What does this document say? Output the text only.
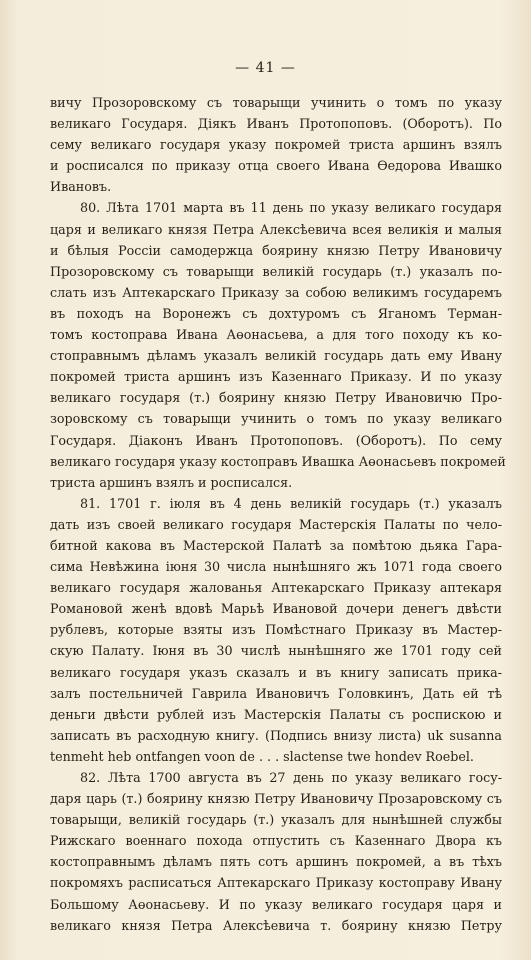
— 41 —
вичу Прозоровскому съ товарыщи учинить о томъ по указу
великаго Государя. Діякъ Иванъ Протопоповъ. (Оборотъ). По
сему великаго государя указу покромей триста аршинъ взялъ
и росписался по приказу отца своего Ивана Өедорова Ивашко
Ивановъ.
80. Лѣта 1701 марта въ 11 день по указу великаго государя
царя и великаго князя Петра Алексѣевича всея великія и малыя
и бѣлыя Россіи самодержца боярину князю Петру Ивановичу
Прозоровскому съ товарыщи великій государь (т.) указалъ по-
слать изъ Аптекарскаго Приказу за собою великимъ государемъ
въ походъ на Воронежъ съ дохтуромъ съ Яганомъ Терман-
томъ костоправа Ивана Аөонасьева, а для того походу къ ко-
стоправнымъ дѣламъ указалъ великій государь дать ему Ивану
покромей триста аршинъ изъ Казеннаго Приказу. И по указу
великаго государя (т.) боярину князю Петру Ивановичю Про-
зоровскому съ товарыщи учинить о томъ по указу великаго
Государя. Діаконъ Иванъ Протопоповъ. (Оборотъ). По сему
великаго государя указу костоправъ Ивашка Аөонасьевъ покромей
триста аршинъ взялъ и росписался.
81. 1701 г. іюля въ 4 день великій государь (т.) указалъ
дать изъ своей великаго государя Мастерскія Палаты по чело-
битной какова въ Мастерской Палатѣ за помѣтою дьяка Гара-
сима Невѣжина іюня 30 числа нынѣшняго жъ 1071 года своего
великаго государя жалованья Аптекарскаго Приказу аптекаря
Романовой женѣ вдовѣ Марьѣ Ивановой дочери денегъ двѣсти
рублевъ, которые взяты изъ Помѣстнаго Приказу въ Мастер-
скую Палату. Іюня въ 30 числѣ нынѣшняго же 1701 году сей
великаго государя указъ сказалъ и въ книгу записать прика-
залъ постельничей Гаврила Ивановичъ Головкинъ, Дать ей тѣ
деньги двѣсти рублей изъ Мастерскія Палаты съ роспискою и
записать въ расходную книгу. (Подпись внизу листа) uk susanna
tenmeht heb ontfangen voon de . . . slactense twe hondev Roebel.
82. Лѣта 1700 августа въ 27 день по указу великаго госу-
даря царь (т.) боярину князю Петру Ивановичу Прозаровскому съ
товарыщи, великій государь (т.) указалъ для нынѣшней службы
Рижскаго военнаго похода отпустить съ Казеннаго Двора къ
костоправнымъ дѣламъ пять сотъ аршинъ покромей, а въ тѣхъ
покромяхъ расписаться Аптекарскаго Приказу костоправу Ивану
Большому Аөонасьеву. И по указу великаго государя царя и
великаго князя Петра Алексѣевича т. боярину князю Петру
